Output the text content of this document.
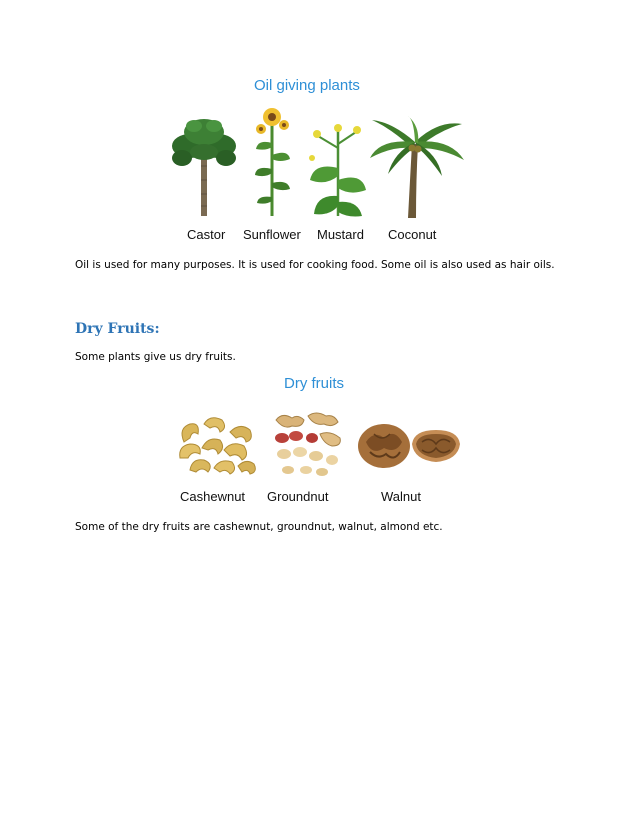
Oil giving plants
Castor Sunflower Mustard Coconut

Oil is used for many purposes. It is used for cooking food. Some oil is also used as hair oils.

Dry Fruits:

Some plants give us dry fruits.

Dry fruits
Cashewnut Groundnut	Walnut

Some of the dry fruits are cashewnut, groundnut, walnut, almond etc.
